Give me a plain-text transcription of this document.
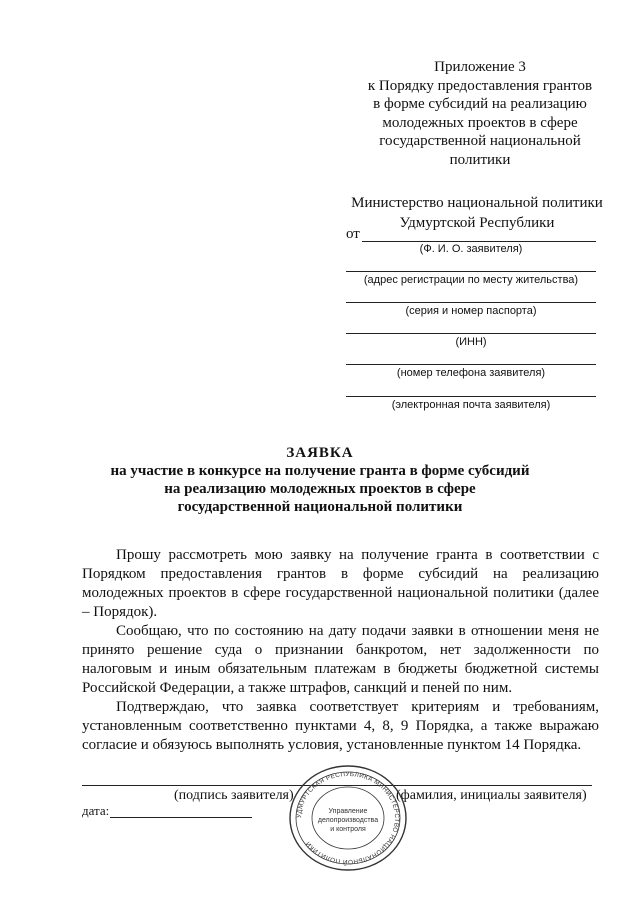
Приложение 3
к Порядку предоставления грантов
в форме субсидий на реализацию
молодежных проектов в сфере
государственной национальной
политики
Министерство национальной политики
Удмуртской Республики
от
(Ф. И. О. заявителя)
(адрес регистрации по месту жительства)
(серия и номер паспорта)
(ИНН)
(номер телефона заявителя)
(электронная почта заявителя)
ЗАЯВКА
на участие в конкурсе на получение гранта в форме субсидий
на реализацию молодежных проектов в сфере
государственной национальной политики

Прошу рассмотреть мою заявку на получение гранта в соответствии с Порядком предоставления грантов в форме субсидий на реализацию молодежных проектов в сфере государственной национальной политики (далее – Порядок).

Сообщаю, что по состоянию на дату подачи заявки в отношении меня не принято решение суда о признании банкротом, нет задолженности по налоговым и иным обязательным платежам в бюджеты бюджетной системы Российской Федерации, а также штрафов, санкций и пеней по ним.

Подтверждаю, что заявка соответствует критериям и требованиям, установленным соответственно пунктами 4, 8, 9 Порядка, а также выражаю согласие и обязуюсь выполнять условия, установленные пунктом 14 Порядка.

(подпись заявителя)	(фамилия, инициалы заявителя)
дата:	УДМУРТСКАЯ РЕСПУБЛИКА МИНИСТЕРСТВО НАЦИОНАЛЬНОЙ ПОЛИТИКИ
Управление
делопроизводства
и контроля
